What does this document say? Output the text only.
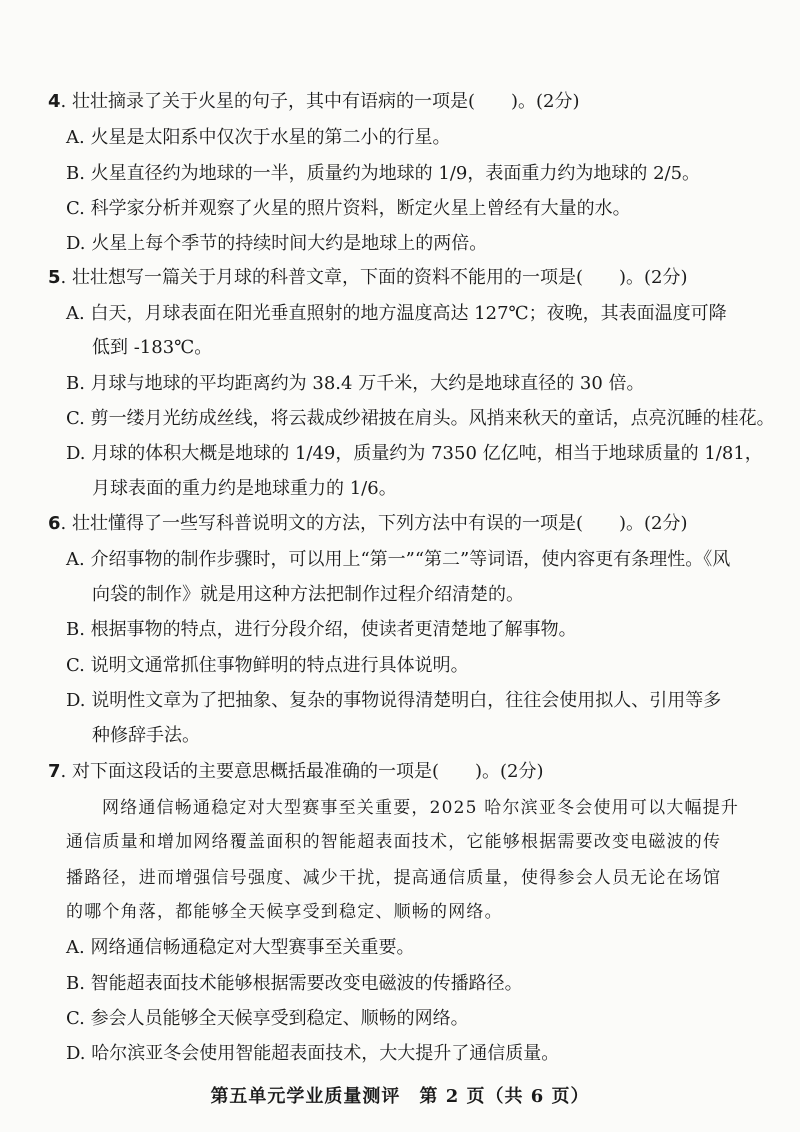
4. 壮壮摘录了关于火星的句子，其中有语病的一项是(　　)。(2分)
A. 火星是太阳系中仅次于水星的第二小的行星。
B. 火星直径约为地球的一半，质量约为地球的 1/9，表面重力约为地球的 2/5。
C. 科学家分析并观察了火星的照片资料，断定火星上曾经有大量的水。
D. 火星上每个季节的持续时间大约是地球上的两倍。
5. 壮壮想写一篇关于月球的科普文章，下面的资料不能用的一项是(　　)。(2分)
A. 白天，月球表面在阳光垂直照射的地方温度高达 127℃；夜晚，其表面温度可降
低到 -183℃。
B. 月球与地球的平均距离约为 38.4 万千米，大约是地球直径的 30 倍。
C. 剪一缕月光纺成丝线，将云裁成纱裙披在肩头。风捎来秋天的童话，点亮沉睡的桂花。
D. 月球的体积大概是地球的 1/49，质量约为 7350 亿亿吨，相当于地球质量的 1/81，
月球表面的重力约是地球重力的 1/6。
6. 壮壮懂得了一些写科普说明文的方法，下列方法中有误的一项是(　　)。(2分)
A. 介绍事物的制作步骤时，可以用上“第一”“第二”等词语，使内容更有条理性。《风
向袋的制作》就是用这种方法把制作过程介绍清楚的。
B. 根据事物的特点，进行分段介绍，使读者更清楚地了解事物。
C. 说明文通常抓住事物鲜明的特点进行具体说明。
D. 说明性文章为了把抽象、复杂的事物说得清楚明白，往往会使用拟人、引用等多
种修辞手法。
7. 对下面这段话的主要意思概括最准确的一项是(　　)。(2分)
网络通信畅通稳定对大型赛事至关重要，2025 哈尔滨亚冬会使用可以大幅提升
通信质量和增加网络覆盖面积的智能超表面技术，它能够根据需要改变电磁波的传
播路径，进而增强信号强度、减少干扰，提高通信质量，使得参会人员无论在场馆
的哪个角落，都能够全天候享受到稳定、顺畅的网络。
A. 网络通信畅通稳定对大型赛事至关重要。
B. 智能超表面技术能够根据需要改变电磁波的传播路径。
C. 参会人员能够全天候享受到稳定、顺畅的网络。
D. 哈尔滨亚冬会使用智能超表面技术，大大提升了通信质量。
第五单元学业质量测评　第 2 页（共 6 页）
